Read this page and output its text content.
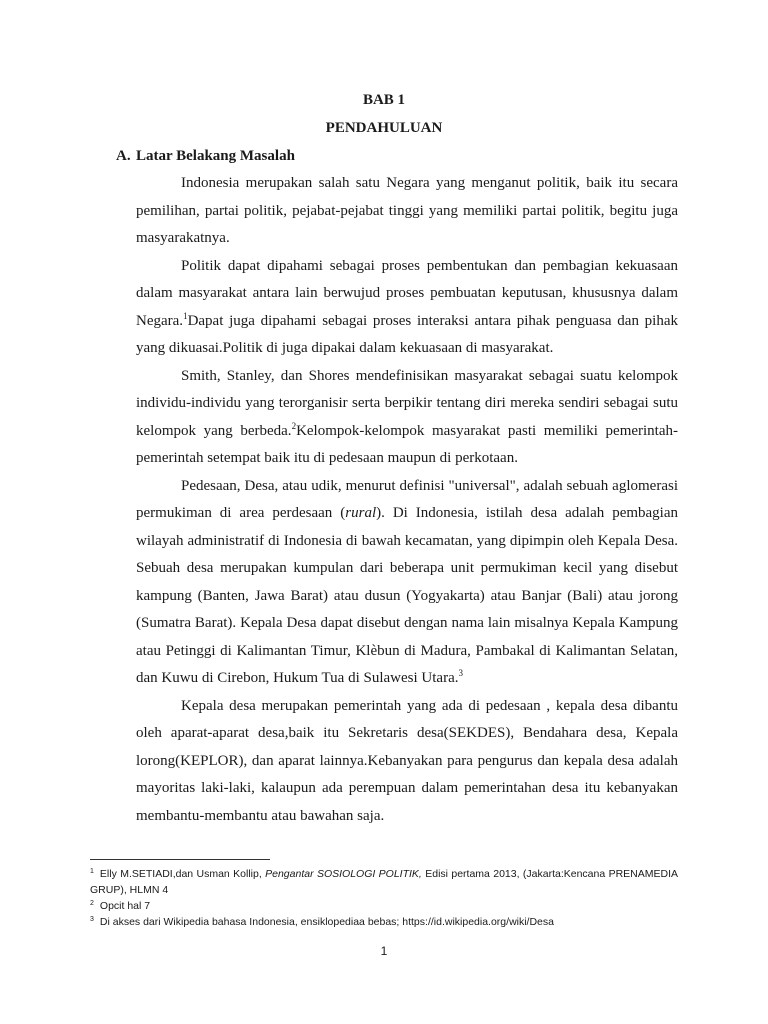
BAB 1
PENDAHULUAN
A. Latar Belakang Masalah

Indonesia merupakan salah satu Negara yang menganut politik, baik itu secara pemilihan, partai politik, pejabat-pejabat tinggi yang memiliki partai politik, begitu juga masyarakatnya.

Politik dapat dipahami sebagai proses pembentukan dan pembagian kekuasaan dalam masyarakat antara lain berwujud proses pembuatan keputusan, khususnya dalam Negara.$^1$Dapat juga dipahami sebagai proses interaksi antara pihak penguasa dan pihak yang dikuasai.Politik di juga dipakai dalam kekuasaan di masyarakat.

Smith, Stanley, dan Shores mendefinisikan masyarakat sebagai suatu kelompok individu-individu yang terorganisir serta berpikir tentang diri mereka sendiri sebagai sutu kelompok yang berbeda.$^2$Kelompok-kelompok masyarakat pasti memiliki pemerintah-pemerintah setempat baik itu di pedesaan maupun di perkotaan.

Pedesaan, Desa, atau udik, menurut definisi "universal", adalah sebuah aglomerasi permukiman di area perdesaan (rural). Di Indonesia, istilah desa adalah pembagian wilayah administratif di Indonesia di bawah kecamatan, yang dipimpin oleh Kepala Desa. Sebuah desa merupakan kumpulan dari beberapa unit permukiman kecil yang disebut kampung (Banten, Jawa Barat) atau dusun (Yogyakarta) atau Banjar (Bali) atau jorong (Sumatra Barat). Kepala Desa dapat disebut dengan nama lain misalnya Kepala Kampung atau Petinggi di Kalimantan Timur, Klèbun di Madura, Pambakal di Kalimantan Selatan, dan Kuwu di Cirebon, Hukum Tua di Sulawesi Utara.$^3$

Kepala desa merupakan pemerintah yang ada di pedesaan , kepala desa dibantu oleh aparat-aparat desa,baik itu Sekretaris desa(SEKDES), Bendahara desa, Kepala lorong(KEPLOR), dan aparat lainnya.Kebanyakan para pengurus dan kepala desa adalah mayoritas laki-laki, kalaupun ada perempuan dalam pemerintahan desa itu kebanyakan membantu-membantu atau bawahan saja.

$^1$ Elly M.SETIADI,dan Usman Kollip, Pengantar SOSIOLOGI POLITIK, Edisi pertama 2013, (Jakarta:Kencana PRENAMEDIA GRUP), HLMN 4
$^2$ Opcit hal 7
$^3$ Di akses dari Wikipedia bahasa Indonesia, ensiklopediaa bebas; https://id.wikipedia.org/wiki/Desa
1
